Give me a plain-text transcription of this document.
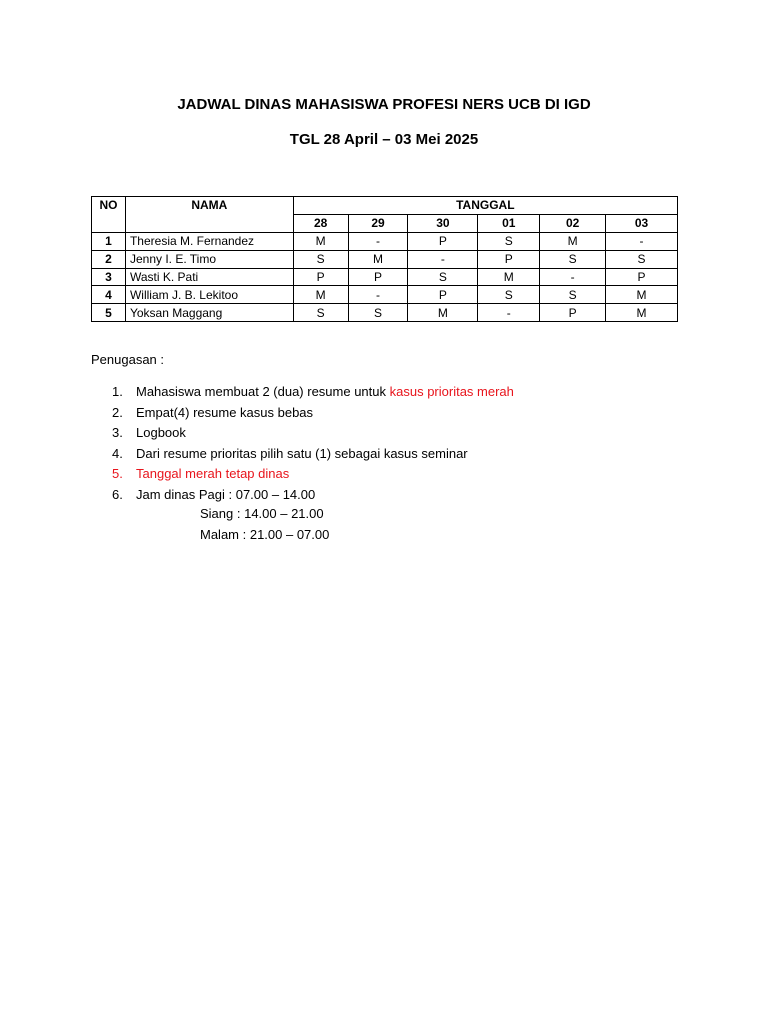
JADWAL DINAS MAHASISWA PROFESI NERS UCB DI IGD
TGL 28 April – 03 Mei 2025
NO	NAMA	TANGGAL					
		28	29	30	01	02	03
1	Theresia M. Fernandez	M	-	P	S	M	-
2	Jenny I. E. Timo	S	M	-	P	S	S
3	Wasti K. Pati	P	P	S	M	-	P
4	William J. B. Lekitoo	M	-	P	S	S	M
5	Yoksan Maggang	S	S	M	-	P	M
Penugasan :
1. Mahasiswa membuat 2 (dua) resume untuk kasus prioritas merah
2. Empat(4) resume kasus bebas
3. Logbook
4. Dari resume prioritas pilih satu (1) sebagai kasus seminar
5. Tanggal merah tetap dinas
6. Jam dinas Pagi : 07.00 – 14.00
Siang : 14.00 – 21.00
Malam : 21.00 – 07.00
